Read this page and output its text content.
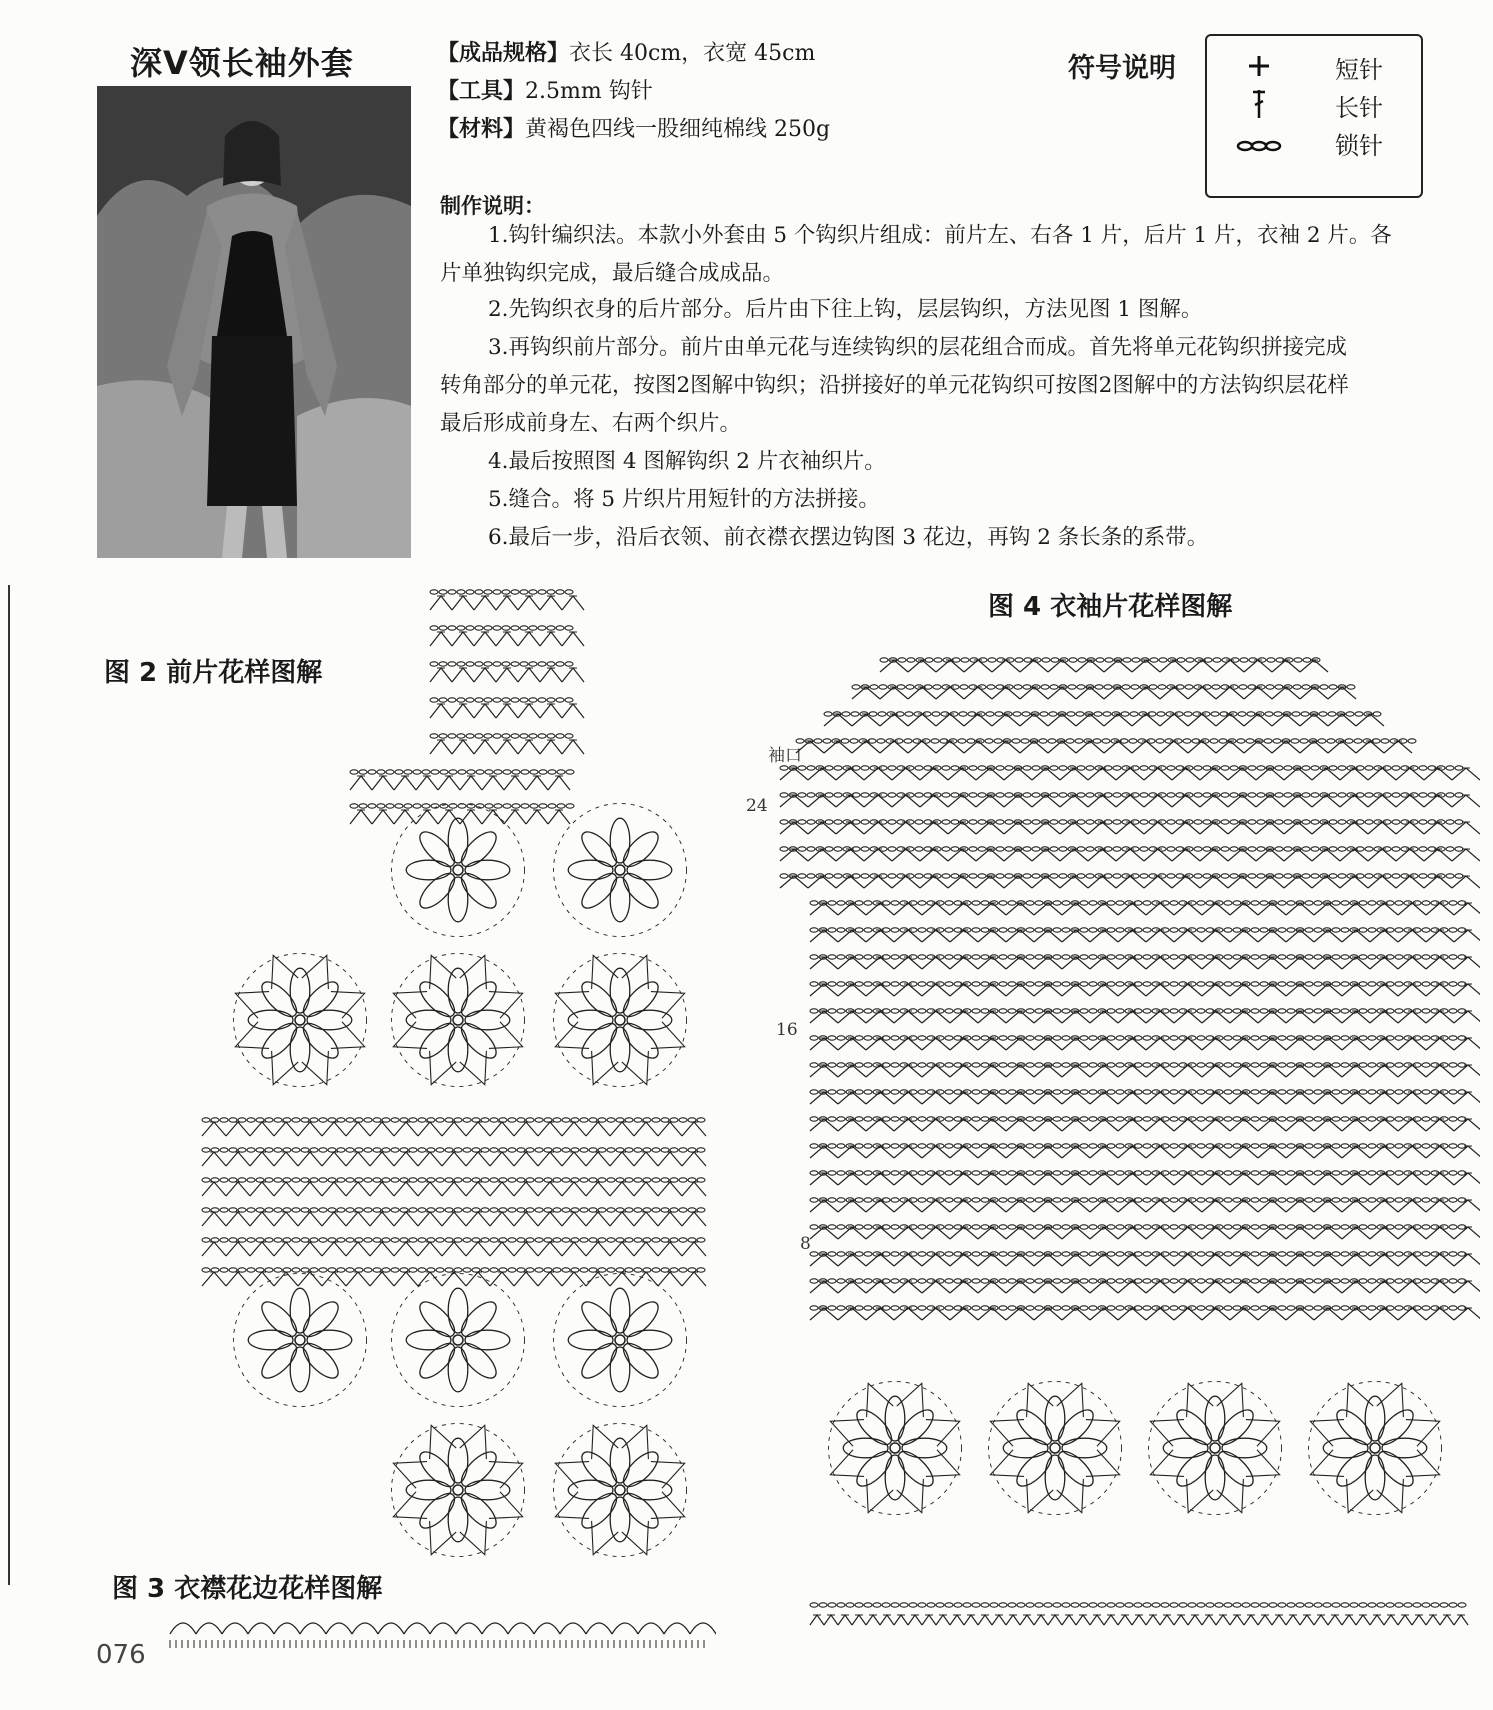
深V领长袖外套	【成品规格】衣长 40cm，衣宽 45cm
【工具】2.5mm 钩针
【材料】黄褐色四线一股细纯棉线 250g
符号说明	短针
长针
锁针
制作说明：
1.钩针编织法。本款小外套由 5 个钩织片组成：前片左、右各 1 片，后片 1 片，衣袖 2 片。各
片单独钩织完成，最后缝合成成品。
2.先钩织衣身的后片部分。后片由下往上钩，层层钩织，方法见图 1 图解。
3.再钩织前片部分。前片由单元花与连续钩织的层花组合而成。首先将单元花钩织拼接完成
转角部分的单元花，按图2图解中钩织；沿拼接好的单元花钩织可按图2图解中的方法钩织层花样
最后形成前身左、右两个织片。
4.最后按照图 4 图解钩织 2 片衣袖织片。
5.缝合。将 5 片织片用短针的方法拼接。
6.最后一步，沿后衣领、前衣襟衣摆边钩图 3 花边，再钩 2 条长条的系带。
图 2 前片花样图解
图 4 衣袖片花样图解
图 3 衣襟花边花样图解
袖口
24
16
8
076
